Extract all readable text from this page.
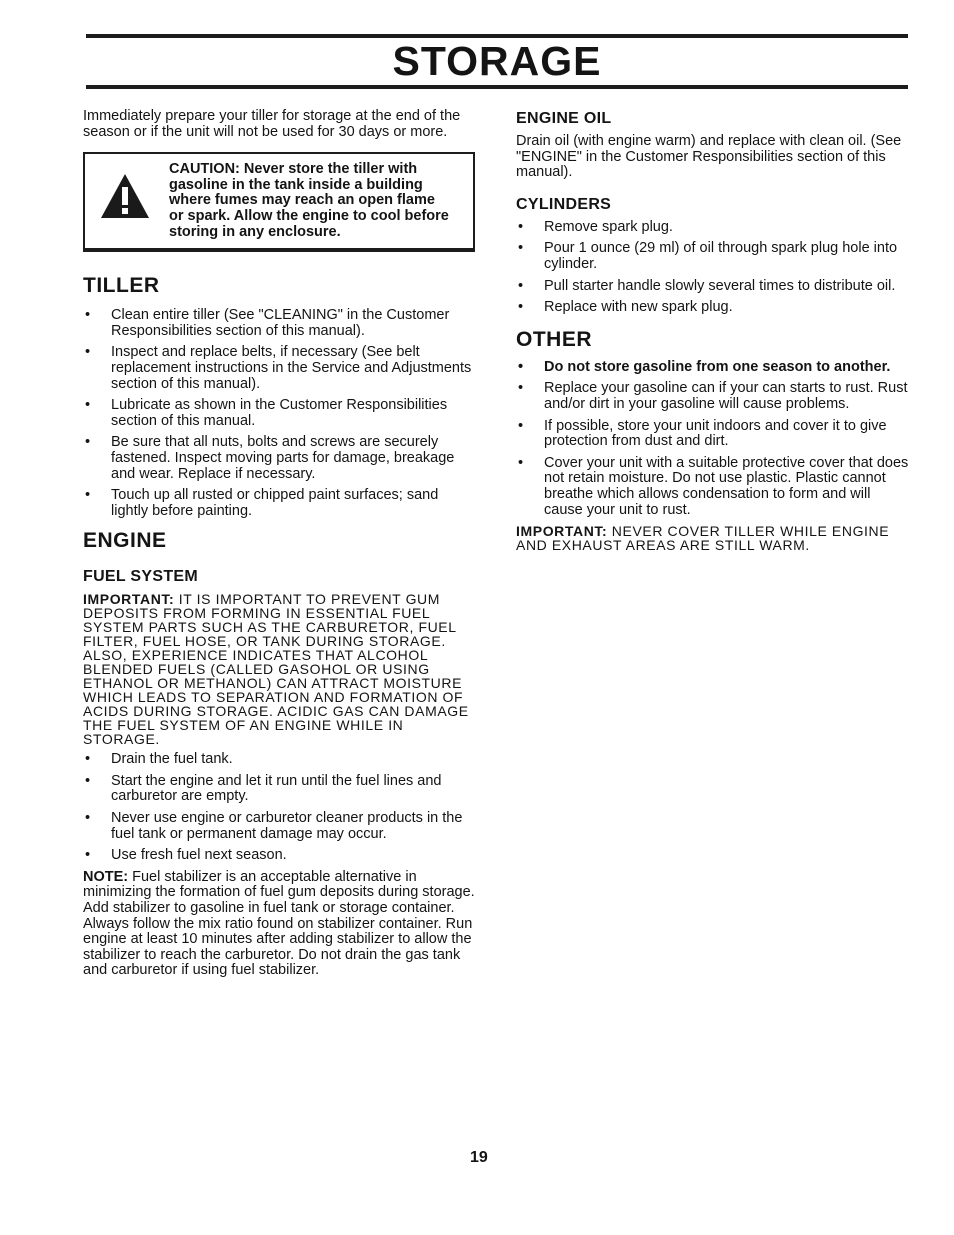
STORAGE

Immediately prepare your tiller for storage at the end of the season or if the unit will not be used for 30 days or more.

CAUTION: Never store the tiller with gasoline in the tank inside a building where fumes may reach an open flame or spark. Allow the engine to cool before storing in any enclosure.
TILLER
• Clean entire tiller (See "CLEANING" in the Customer Responsibilities section of this manual).
• Inspect and replace belts, if necessary (See belt replacement instructions in the Service and Adjustments section of this manual).
• Lubricate as shown in the Customer Responsibilities section of this manual.
• Be sure that all nuts, bolts and screws are securely fastened. Inspect moving parts for damage, breakage and wear. Replace if necessary.
• Touch up all rusted or chipped paint surfaces; sand lightly before painting.
ENGINE
FUEL SYSTEM

IMPORTANT: IT IS IMPORTANT TO PREVENT GUM DEPOSITS FROM FORMING IN ESSENTIAL FUEL SYSTEM PARTS SUCH AS THE CARBURETOR, FUEL FILTER, FUEL HOSE, OR TANK DURING STORAGE. ALSO, EXPERIENCE INDICATES THAT ALCOHOL BLENDED FUELS (CALLED GASOHOL OR USING ETHANOL OR METHANOL) CAN ATTRACT MOISTURE WHICH LEADS TO SEPARATION AND FORMATION OF ACIDS DURING STORAGE. ACIDIC GAS CAN DAMAGE THE FUEL SYSTEM OF AN ENGINE WHILE IN STORAGE.

• Drain the fuel tank.
• Start the engine and let it run until the fuel lines and carburetor are empty.
• Never use engine or carburetor cleaner products in the fuel tank or permanent damage may occur.
• Use fresh fuel next season.

NOTE: Fuel stabilizer is an acceptable alternative in minimizing the formation of fuel gum deposits during storage. Add stabilizer to gasoline in fuel tank or storage container. Always follow the mix ratio found on stabilizer container. Run engine at least 10 minutes after adding stabilizer to allow the stabilizer to reach the carburetor. Do not drain the gas tank and carburetor if using fuel stabilizer.

ENGINE OIL

Drain oil (with engine warm) and replace with clean oil. (See "ENGINE" in the Customer Responsibilities section of this manual).

CYLINDERS
• Remove spark plug.
• Pour 1 ounce (29 ml) of oil through spark plug hole into cylinder.
• Pull starter handle slowly several times to distribute oil.
• Replace with new spark plug.
OTHER
• Do not store gasoline from one season to another.
• Replace your gasoline can if your can starts to rust. Rust and/or dirt in your gasoline will cause problems.
• If possible, store your unit indoors and cover it to give protection from dust and dirt.
• Cover your unit with a suitable protective cover that does not retain moisture. Do not use plastic. Plastic cannot breathe which allows condensation to form and will cause your unit to rust.

IMPORTANT: NEVER COVER TILLER WHILE ENGINE AND EXHAUST AREAS ARE STILL WARM.

19
